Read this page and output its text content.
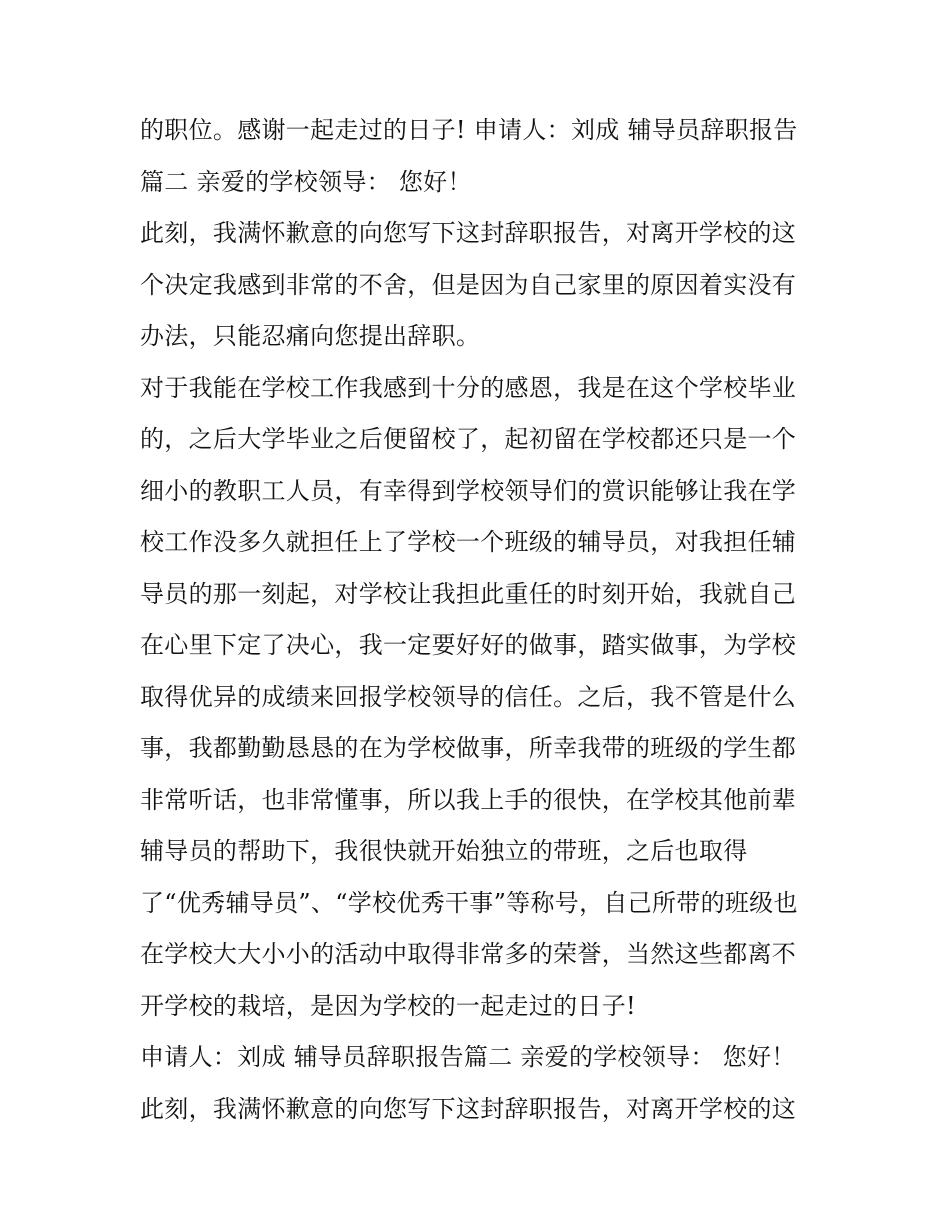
的职位。感谢一起走过的日子! 申请人：刘成 辅导员辞职报告
篇二 亲爱的学校领导： 您好！
此刻，我满怀歉意的向您写下这封辞职报告，对离开学校的这
个决定我感到非常的不舍，但是因为自己家里的原因着实没有
办法，只能忍痛向您提出辞职。
对于我能在学校工作我感到十分的感恩，我是在这个学校毕业
的，之后大学毕业之后便留校了，起初留在学校都还只是一个
细小的教职工人员，有幸得到学校领导们的赏识能够让我在学
校工作没多久就担任上了学校一个班级的辅导员，对我担任辅
导员的那一刻起，对学校让我担此重任的时刻开始，我就自己
在心里下定了决心，我一定要好好的做事，踏实做事，为学校
取得优异的成绩来回报学校领导的信任。之后，我不管是什么
事，我都勤勤恳恳的在为学校做事，所幸我带的班级的学生都
非常听话，也非常懂事，所以我上手的很快，在学校其他前辈
辅导员的帮助下，我很快就开始独立的带班，之后也取得
了“优秀辅导员”、“学校优秀干事”等称号，自己所带的班级也
在学校大大小小的活动中取得非常多的荣誉，当然这些都离不
开学校的栽培，是因为学校的一起走过的日子!
申请人：刘成 辅导员辞职报告篇二 亲爱的学校领导： 您好！
此刻，我满怀歉意的向您写下这封辞职报告，对离开学校的这
